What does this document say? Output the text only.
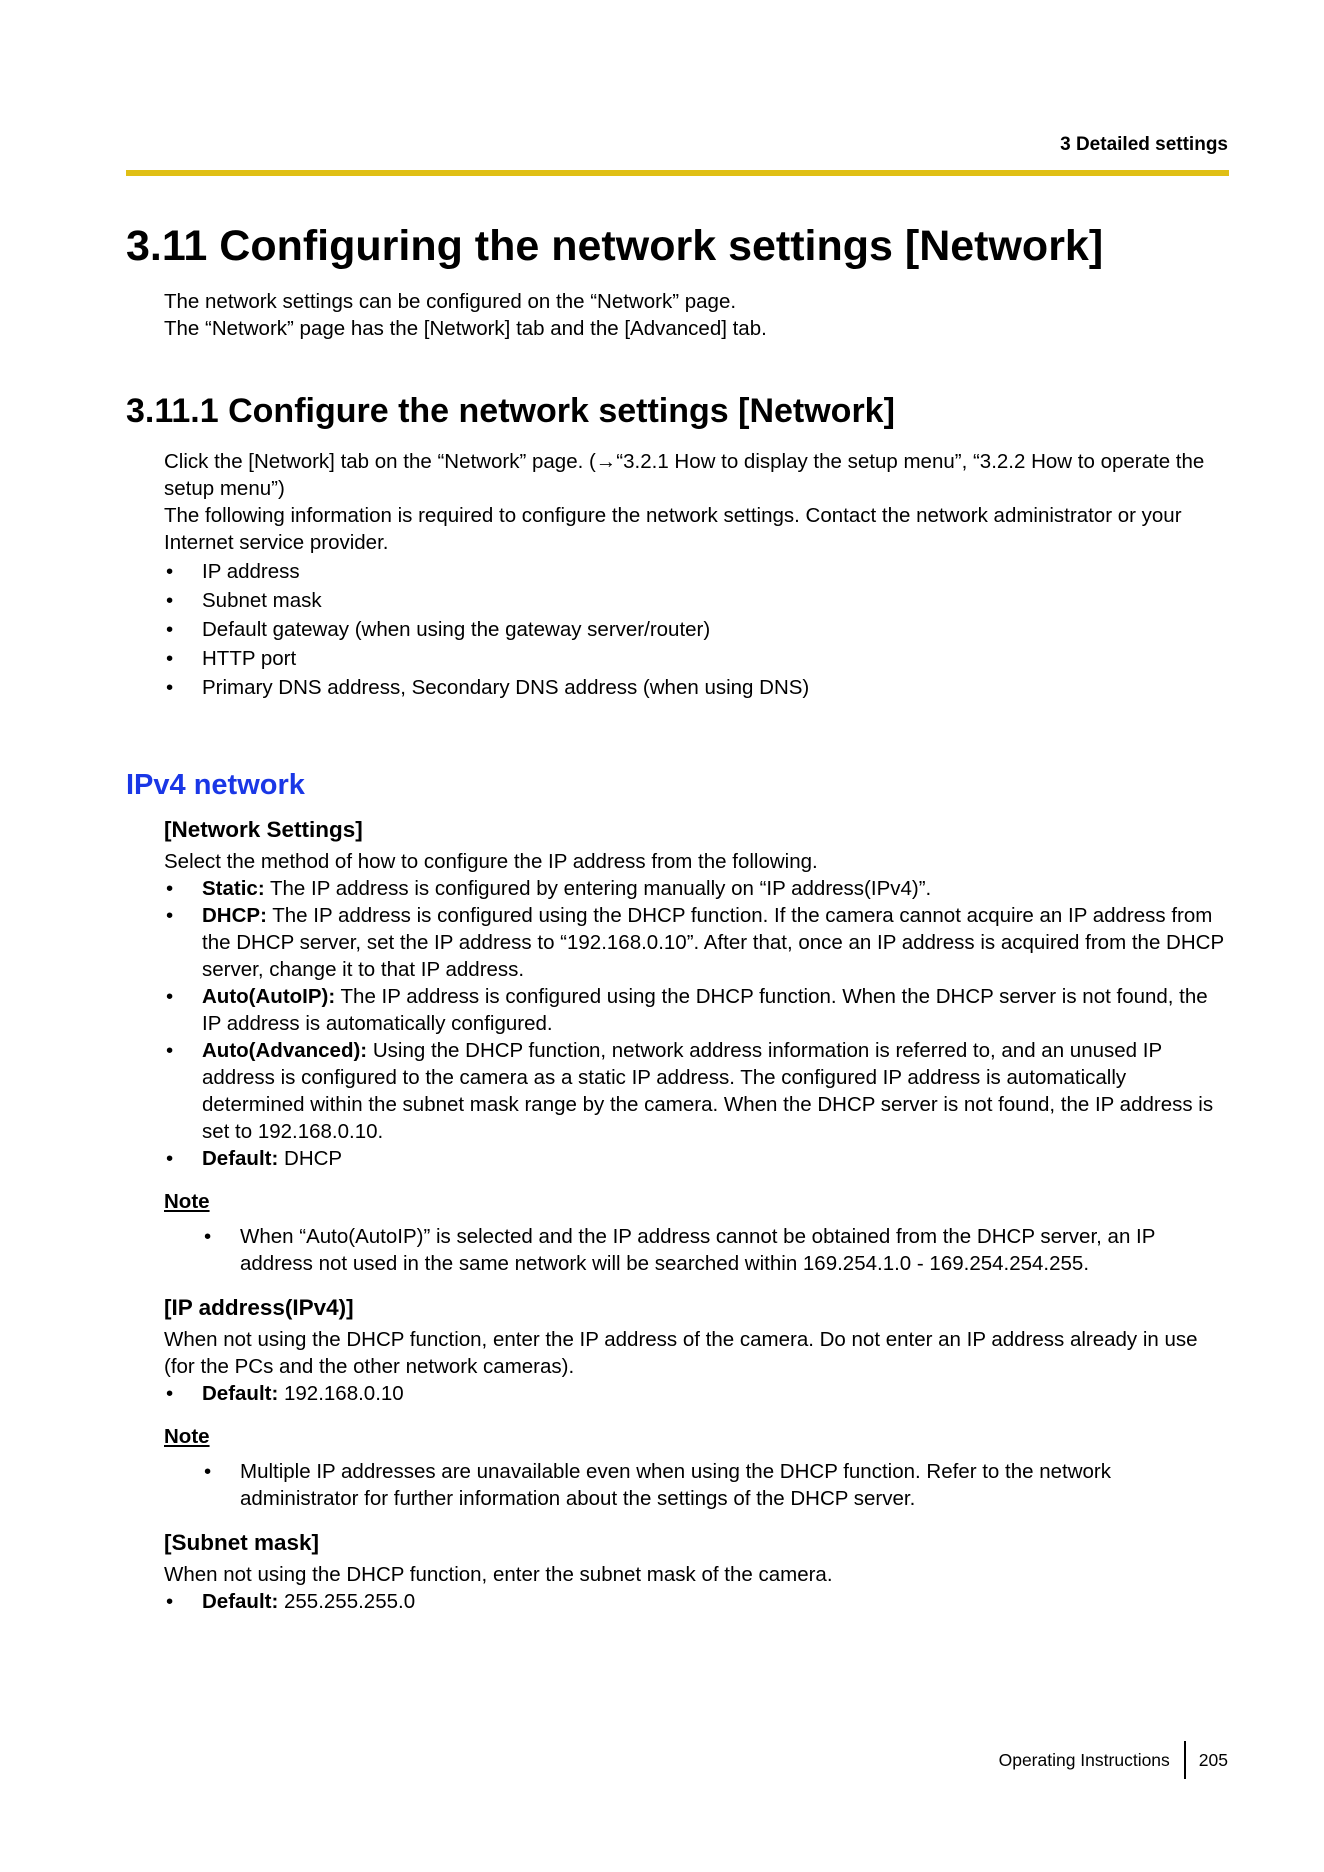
3 Detailed settings
3.11 Configuring the network settings [Network]

The network settings can be configured on the “Network” page.

The “Network” page has the [Network] tab and the [Advanced] tab.

3.11.1 Configure the network settings [Network]

Click the [Network] tab on the “Network” page. (→“3.2.1 How to display the setup menu”, “3.2.2 How to operate the setup menu”)

The following information is required to configure the network settings. Contact the network administrator or your Internet service provider.

• IP address
• Subnet mask
• Default gateway (when using the gateway server/router)
• HTTP port
• Primary DNS address, Secondary DNS address (when using DNS)
IPv4 network

[Network Settings]

Select the method of how to configure the IP address from the following.

• Static: The IP address is configured by entering manually on “IP address(IPv4)”.
• DHCP: The IP address is configured using the DHCP function. If the camera cannot acquire an IP address from the DHCP server, set the IP address to “192.168.0.10”. After that, once an IP address is acquired from the DHCP server, change it to that IP address.
• Auto(AutoIP): The IP address is configured using the DHCP function. When the DHCP server is not found, the IP address is automatically configured.
• Auto(Advanced): Using the DHCP function, network address information is referred to, and an unused IP address is configured to the camera as a static IP address. The configured IP address is automatically determined within the subnet mask range by the camera. When the DHCP server is not found, the IP address is set to 192.168.0.10.
• Default: DHCP

Note

• When “Auto(AutoIP)” is selected and the IP address cannot be obtained from the DHCP server, an IP address not used in the same network will be searched within 169.254.1.0 - 169.254.254.255.

[IP address(IPv4)]

When not using the DHCP function, enter the IP address of the camera. Do not enter an IP address already in use (for the PCs and the other network cameras).

• Default: 192.168.0.10

Note

• Multiple IP addresses are unavailable even when using the DHCP function. Refer to the network administrator for further information about the settings of the DHCP server.

[Subnet mask]

When not using the DHCP function, enter the subnet mask of the camera.

• Default: 255.255.255.0
Operating Instructions 205
